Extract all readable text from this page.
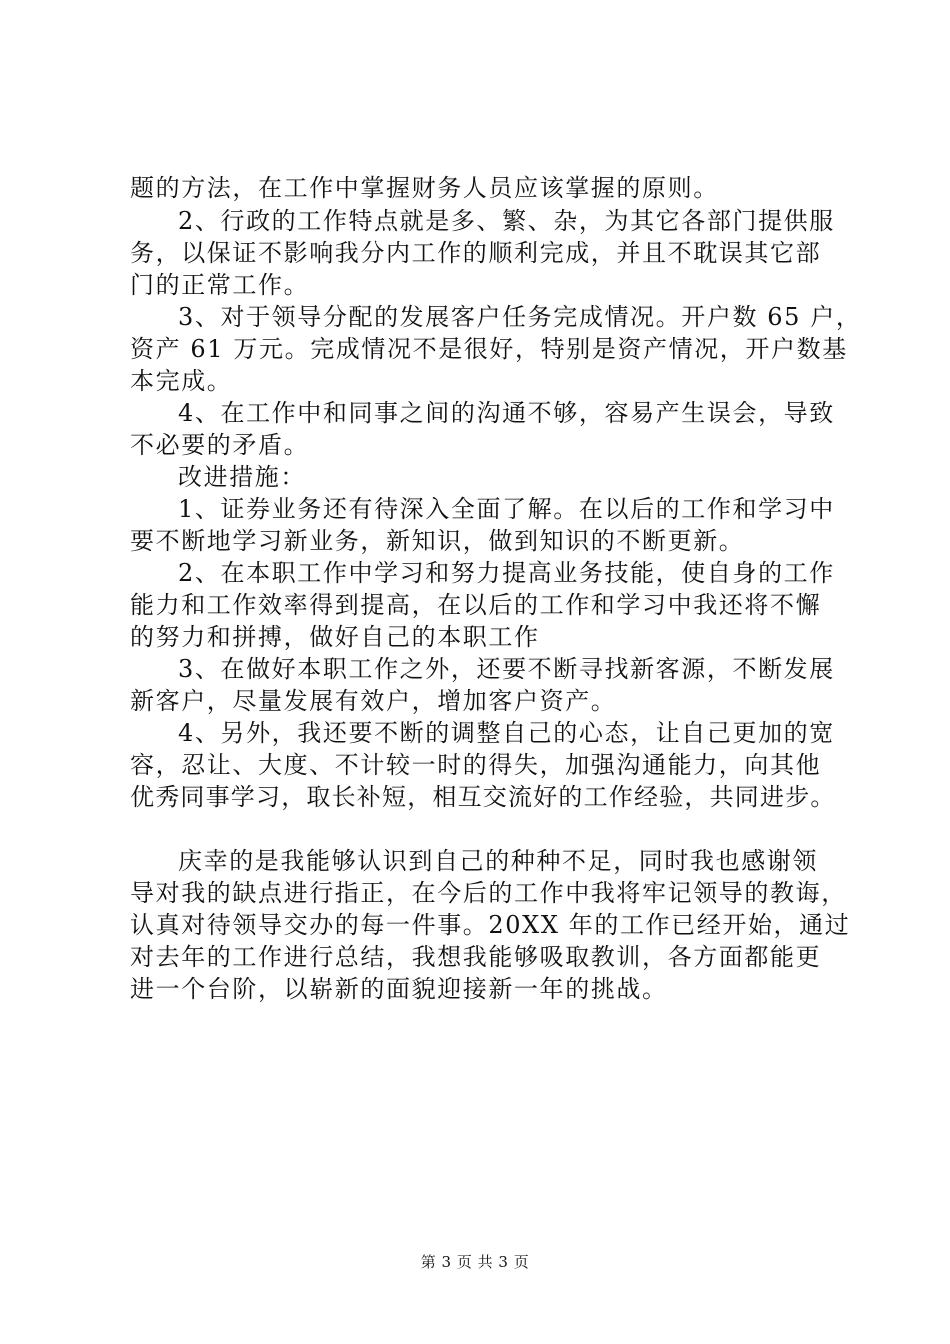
题的方法，在工作中掌握财务人员应该掌握的原则。
2、行政的工作特点就是多、繁、杂，为其它各部门提供服
务，以保证不影响我分内工作的顺利完成，并且不耽误其它部
门的正常工作。
3、对于领导分配的发展客户任务完成情况。开户数 65 户，
资产 61 万元。完成情况不是很好，特别是资产情况，开户数基
本完成。
4、在工作中和同事之间的沟通不够，容易产生误会，导致
不必要的矛盾。
改进措施：
1、证券业务还有待深入全面了解。在以后的工作和学习中
要不断地学习新业务，新知识，做到知识的不断更新。
2、在本职工作中学习和努力提高业务技能，使自身的工作
能力和工作效率得到提高，在以后的工作和学习中我还将不懈
的努力和拼搏，做好自己的本职工作
3、在做好本职工作之外，还要不断寻找新客源，不断发展
新客户，尽量发展有效户，增加客户资产。
4、另外，我还要不断的调整自己的心态，让自己更加的宽
容，忍让、大度、不计较一时的得失，加强沟通能力，向其他
优秀同事学习，取长补短，相互交流好的工作经验，共同进步。
庆幸的是我能够认识到自己的种种不足，同时我也感谢领
导对我的缺点进行指正，在今后的工作中我将牢记领导的教诲，
认真对待领导交办的每一件事。20XX 年的工作已经开始，通过
对去年的工作进行总结，我想我能够吸取教训，各方面都能更
进一个台阶，以崭新的面貌迎接新一年的挑战。
第 3 页 共 3 页
